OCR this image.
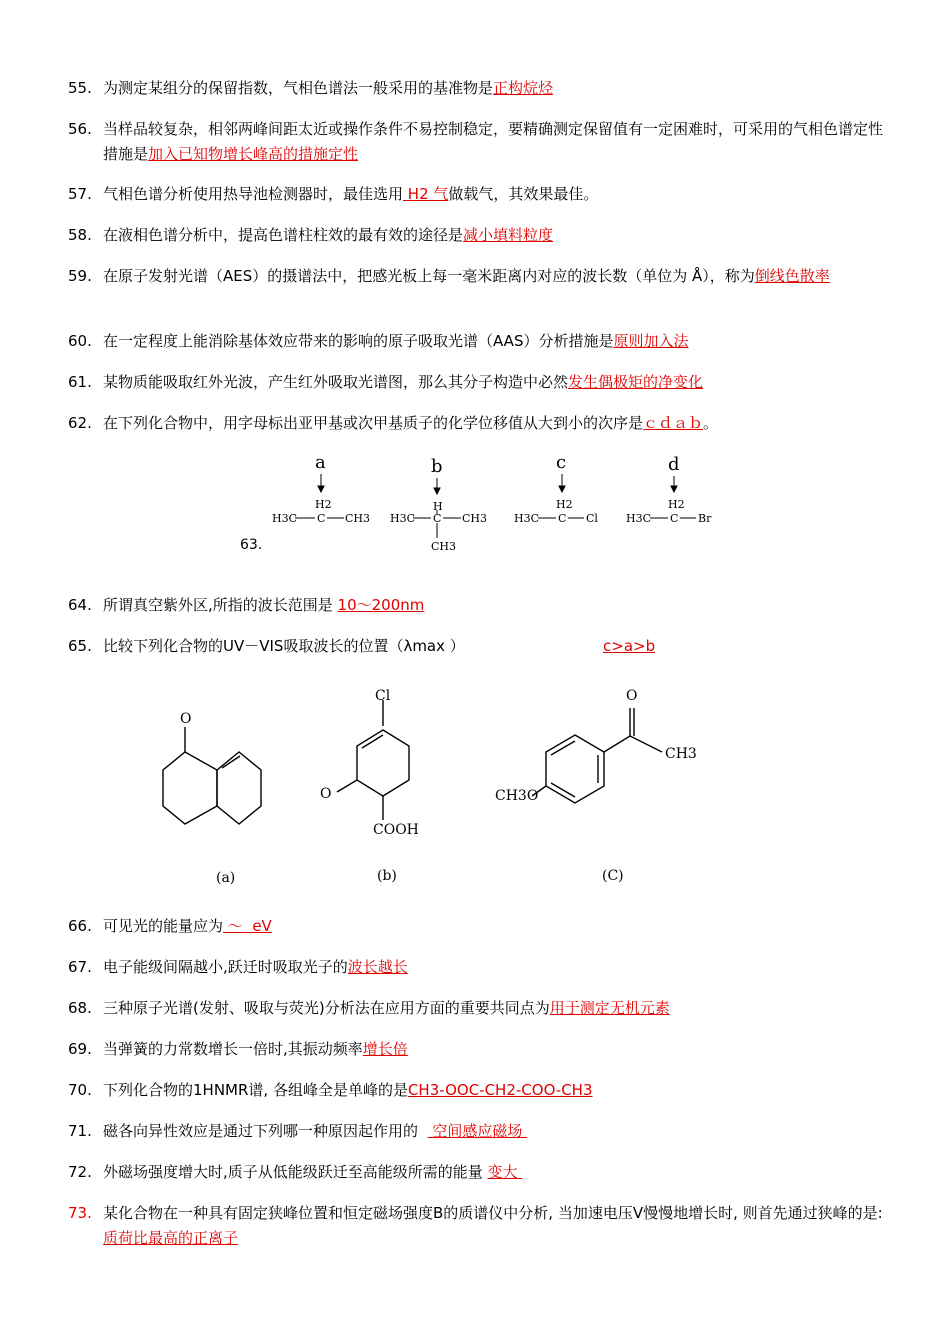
55. 为测定某组分的保留指数，气相色谱法一般采用的基准物是正构烷烃
56. 当样品较复杂，相邻两峰间距太近或操作条件不易控制稳定，要精确测定保留值有一定困难时，可采用的气相色谱定性措施是加入已知物增长峰高的措施定性
57. 气相色谱分析使用热导池检测器时，最佳选用 H2 气做载气，其效果最佳。
58. 在液相色谱分析中，提高色谱柱柱效的最有效的途径是减小填料粒度
59. 在原子发射光谱（AES）的摄谱法中，把感光板上每一毫米距离内对应的波长数（单位为 Å），称为倒线色散率
60. 在一定程度上能消除基体效应带来的影响的原子吸取光谱（AAS）分析措施是原则加入法
61. 某物质能吸取红外光波，产生红外吸取光谱图，那么其分子构造中必然发生偶极矩的净变化
62. 在下列化合物中，用字母标出亚甲基或次甲基质子的化学位移值从大到小的次序是ｃｄａｂ。
a	b	c	d
H2
H3C C CH3
H
H3C C CH3
CH3
H2
H3C C Cl
H2
H3C C Br
63.
64. 所谓真空紫外区,所指的波长范围是 10～200nm
65. 比较下列化合物的UV－VIS吸取波长的位置（λmax ）	c>a>b
O
Cl
O
COOH
O
CH3
CH3O
(a)	(b)	(C)
66. 可见光的能量应为 ～  eV
67. 电子能级间隔越小,跃迁时吸取光子的波长越长
68. 三种原子光谱(发射、吸取与荧光)分析法在应用方面的重要共同点为用于测定无机元素
69. 当弹簧的力常数增长一倍时,其振动频率增长倍
70. 下列化合物的1HNMR谱, 各组峰全是单峰的是CH3-OOC-CH2-COO-CH3
71. 磁各向异性效应是通过下列哪一种原因起作用的   空间感应磁场
72. 外磁场强度增大时,质子从低能级跃迁至高能级所需的能量 变大
73. 某化合物在一种具有固定狭峰位置和恒定磁场强度B的质谱仪中分析, 当加速电压V慢慢地增长时, 则首先通过狭峰的是:质荷比最高的正离子
